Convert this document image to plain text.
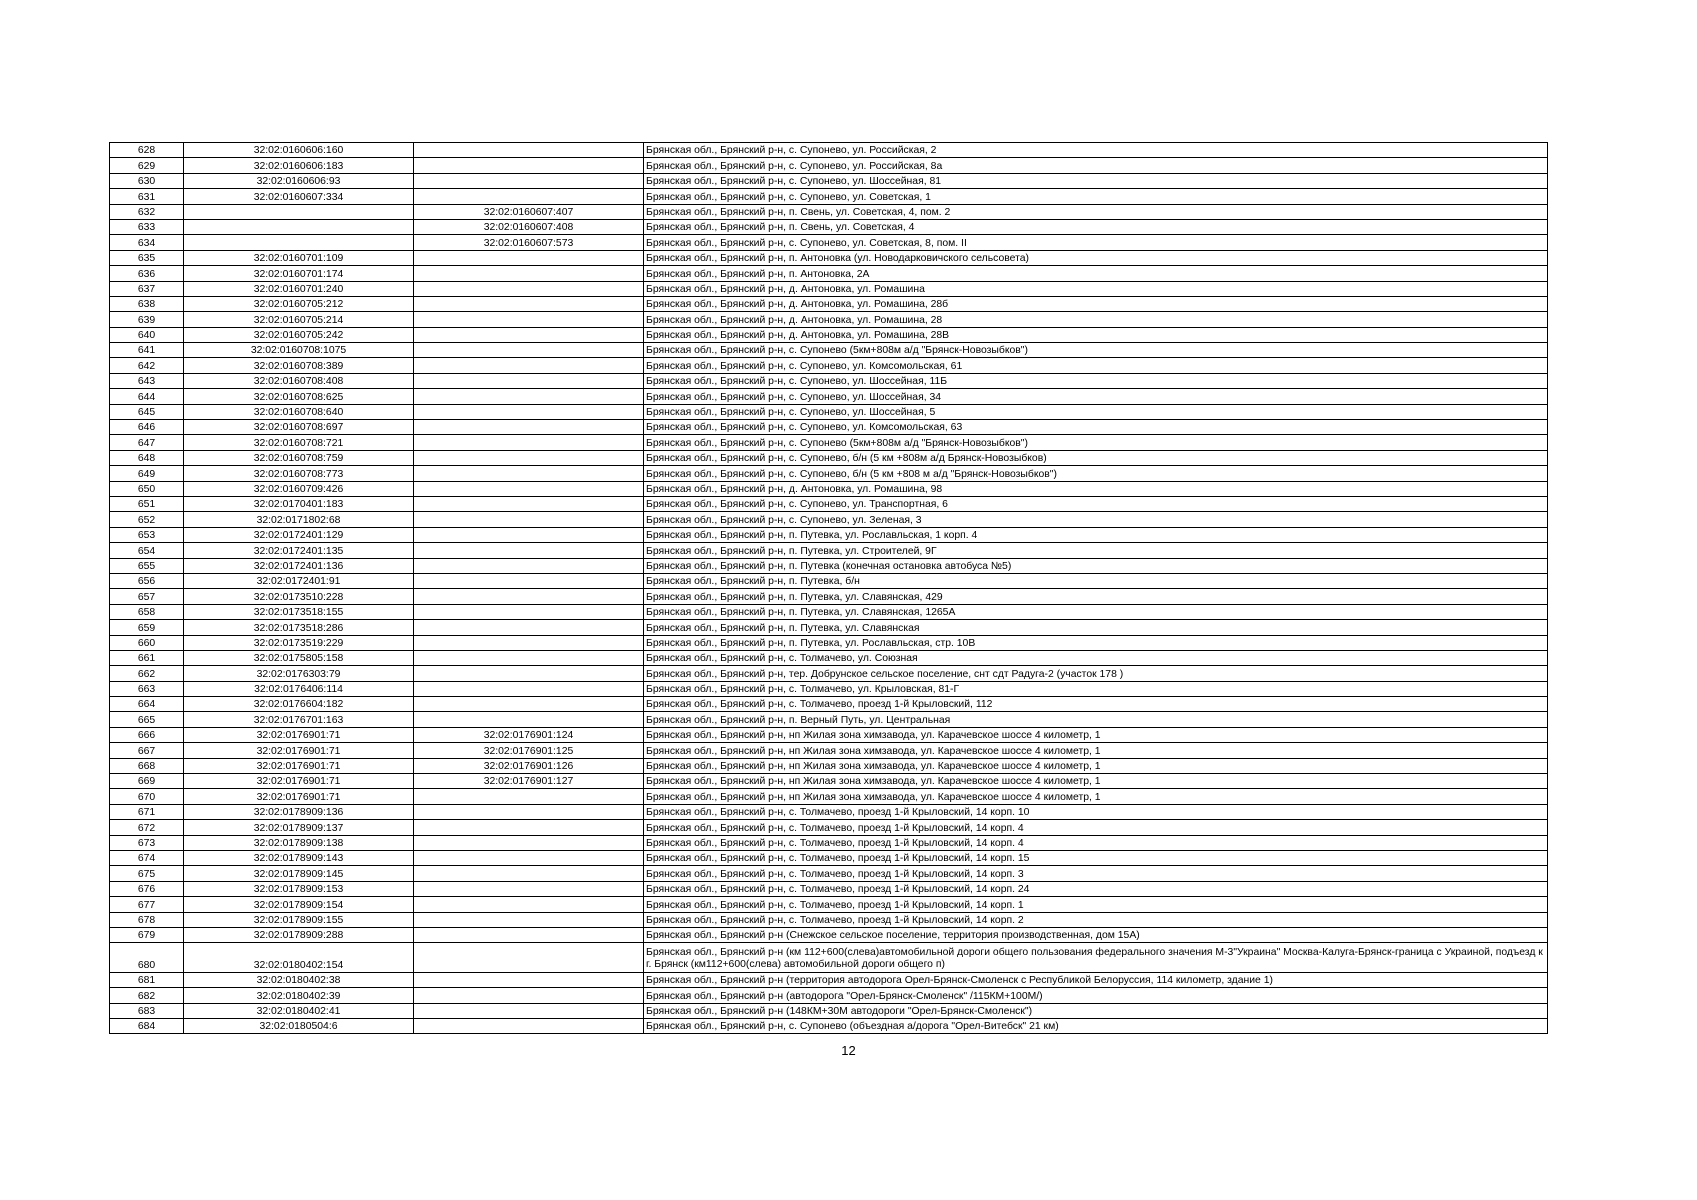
628	32:02:0160606:160		Брянская обл., Брянский р-н, с. Супонево, ул. Российская, 2
629	32:02:0160606:183		Брянская обл., Брянский р-н, с. Супонево, ул. Российская, 8а
630	32:02:0160606:93		Брянская обл., Брянский р-н, с. Супонево, ул. Шоссейная, 81
631	32:02:0160607:334		Брянская обл., Брянский р-н, с. Супонево, ул. Советская, 1
632		32:02:0160607:407	Брянская обл., Брянский р-н, п. Свень, ул. Советская, 4, пом. 2
633		32:02:0160607:408	Брянская обл., Брянский р-н, п. Свень, ул. Советская, 4
634		32:02:0160607:573	Брянская обл., Брянский р-н, с. Супонево, ул. Советская, 8, пом. II
635	32:02:0160701:109		Брянская обл., Брянский р-н, п. Антоновка (ул. Новодарковичского сельсовета)
636	32:02:0160701:174		Брянская обл., Брянский р-н, п. Антоновка, 2А
637	32:02:0160701:240		Брянская обл., Брянский р-н, д. Антоновка, ул. Ромашина
638	32:02:0160705:212		Брянская обл., Брянский р-н, д. Антоновка, ул. Ромашина, 28б
639	32:02:0160705:214		Брянская обл., Брянский р-н, д. Антоновка, ул. Ромашина, 28
640	32:02:0160705:242		Брянская обл., Брянский р-н, д. Антоновка, ул. Ромашина, 28В
641	32:02:0160708:1075		Брянская обл., Брянский р-н, с. Супонево (5км+808м а/д "Брянск-Новозыбков")
642	32:02:0160708:389		Брянская обл., Брянский р-н, с. Супонево, ул. Комсомольская, 61
643	32:02:0160708:408		Брянская обл., Брянский р-н, с. Супонево, ул. Шоссейная, 11Б
644	32:02:0160708:625		Брянская обл., Брянский р-н, с. Супонево, ул. Шоссейная, 34
645	32:02:0160708:640		Брянская обл., Брянский р-н, с. Супонево, ул. Шоссейная, 5
646	32:02:0160708:697		Брянская обл., Брянский р-н, с. Супонево, ул. Комсомольская, 63
647	32:02:0160708:721		Брянская обл., Брянский р-н, с. Супонево (5км+808м а/д "Брянск-Новозыбков")
648	32:02:0160708:759		Брянская обл., Брянский р-н, с. Супонево, б/н (5 км +808м а/д Брянск-Новозыбков)
649	32:02:0160708:773		Брянская обл., Брянский р-н, с. Супонево, б/н (5 км +808 м а/д "Брянск-Новозыбков")
650	32:02:0160709:426		Брянская обл., Брянский р-н, д. Антоновка, ул. Ромашина, 98
651	32:02:0170401:183		Брянская обл., Брянский р-н, с. Супонево, ул. Транспортная, 6
652	32:02:0171802:68		Брянская обл., Брянский р-н, с. Супонево, ул. Зеленая, 3
653	32:02:0172401:129		Брянская обл., Брянский р-н, п. Путевка, ул. Рославльская, 1 корп. 4
654	32:02:0172401:135		Брянская обл., Брянский р-н, п. Путевка, ул. Строителей, 9Г
655	32:02:0172401:136		Брянская обл., Брянский р-н, п. Путевка (конечная остановка автобуса №5)
656	32:02:0172401:91		Брянская обл., Брянский р-н, п. Путевка, б/н
657	32:02:0173510:228		Брянская обл., Брянский р-н, п. Путевка, ул. Славянская, 429
658	32:02:0173518:155		Брянская обл., Брянский р-н, п. Путевка, ул. Славянская, 1265А
659	32:02:0173518:286		Брянская обл., Брянский р-н, п. Путевка, ул. Славянская
660	32:02:0173519:229		Брянская обл., Брянский р-н, п. Путевка, ул. Рославльская, стр. 10В
661	32:02:0175805:158		Брянская обл., Брянский р-н, с. Толмачево, ул. Союзная
662	32:02:0176303:79		Брянская обл., Брянский р-н, тер. Добрунское сельское поселение, снт сдт Радуга-2 (участок 178 )
663	32:02:0176406:114		Брянская обл., Брянский р-н, с. Толмачево, ул. Крыловская, 81-Г
664	32:02:0176604:182		Брянская обл., Брянский р-н, с. Толмачево, проезд 1-й Крыловский, 112
665	32:02:0176701:163		Брянская обл., Брянский р-н, п. Верный Путь, ул. Центральная
666	32:02:0176901:71	32:02:0176901:124	Брянская обл., Брянский р-н, нп Жилая зона химзавода, ул. Карачевское шоссе 4 километр, 1
667	32:02:0176901:71	32:02:0176901:125	Брянская обл., Брянский р-н, нп Жилая зона химзавода, ул. Карачевское шоссе 4 километр, 1
668	32:02:0176901:71	32:02:0176901:126	Брянская обл., Брянский р-н, нп Жилая зона химзавода, ул. Карачевское шоссе 4 километр, 1
669	32:02:0176901:71	32:02:0176901:127	Брянская обл., Брянский р-н, нп Жилая зона химзавода, ул. Карачевское шоссе 4 километр, 1
670	32:02:0176901:71		Брянская обл., Брянский р-н, нп Жилая зона химзавода, ул. Карачевское шоссе 4 километр, 1
671	32:02:0178909:136		Брянская обл., Брянский р-н, с. Толмачево, проезд 1-й Крыловский, 14 корп. 10
672	32:02:0178909:137		Брянская обл., Брянский р-н, с. Толмачево, проезд 1-й Крыловский, 14 корп. 4
673	32:02:0178909:138		Брянская обл., Брянский р-н, с. Толмачево, проезд 1-й Крыловский, 14 корп. 4
674	32:02:0178909:143		Брянская обл., Брянский р-н, с. Толмачево, проезд 1-й Крыловский, 14 корп. 15
675	32:02:0178909:145		Брянская обл., Брянский р-н, с. Толмачево, проезд 1-й Крыловский, 14 корп. 3
676	32:02:0178909:153		Брянская обл., Брянский р-н, с. Толмачево, проезд 1-й Крыловский, 14 корп. 24
677	32:02:0178909:154		Брянская обл., Брянский р-н, с. Толмачево, проезд 1-й Крыловский, 14 корп. 1
678	32:02:0178909:155		Брянская обл., Брянский р-н, с. Толмачево, проезд 1-й Крыловский, 14 корп. 2
679	32:02:0178909:288		Брянская обл., Брянский р-н (Снежское сельское поселение, территория производственная, дом 15А)
680	32:02:0180402:154		Брянская обл., Брянский р-н (км 112+600(слева)автомобильной дороги общего пользования федерального значения М-3"Украина" Москва-Калуга-Брянск-граница с Украиной, подъезд к г. Брянск (км112+600(слева) автомобильной дороги общего п)
681	32:02:0180402:38		Брянская обл., Брянский р-н (территория автодорога Орел-Брянск-Смоленск с Республикой Белоруссия, 114 километр, здание 1)
682	32:02:0180402:39		Брянская обл., Брянский р-н (автодорога "Орел-Брянск-Смоленск" /115КМ+100М/)
683	32:02:0180402:41		Брянская обл., Брянский р-н (148КМ+30М автодороги "Орел-Брянск-Смоленск")
684	32:02:0180504:6		Брянская обл., Брянский р-н, с. Супонево (объездная а/дорога "Орел-Витебск" 21 км)
12
